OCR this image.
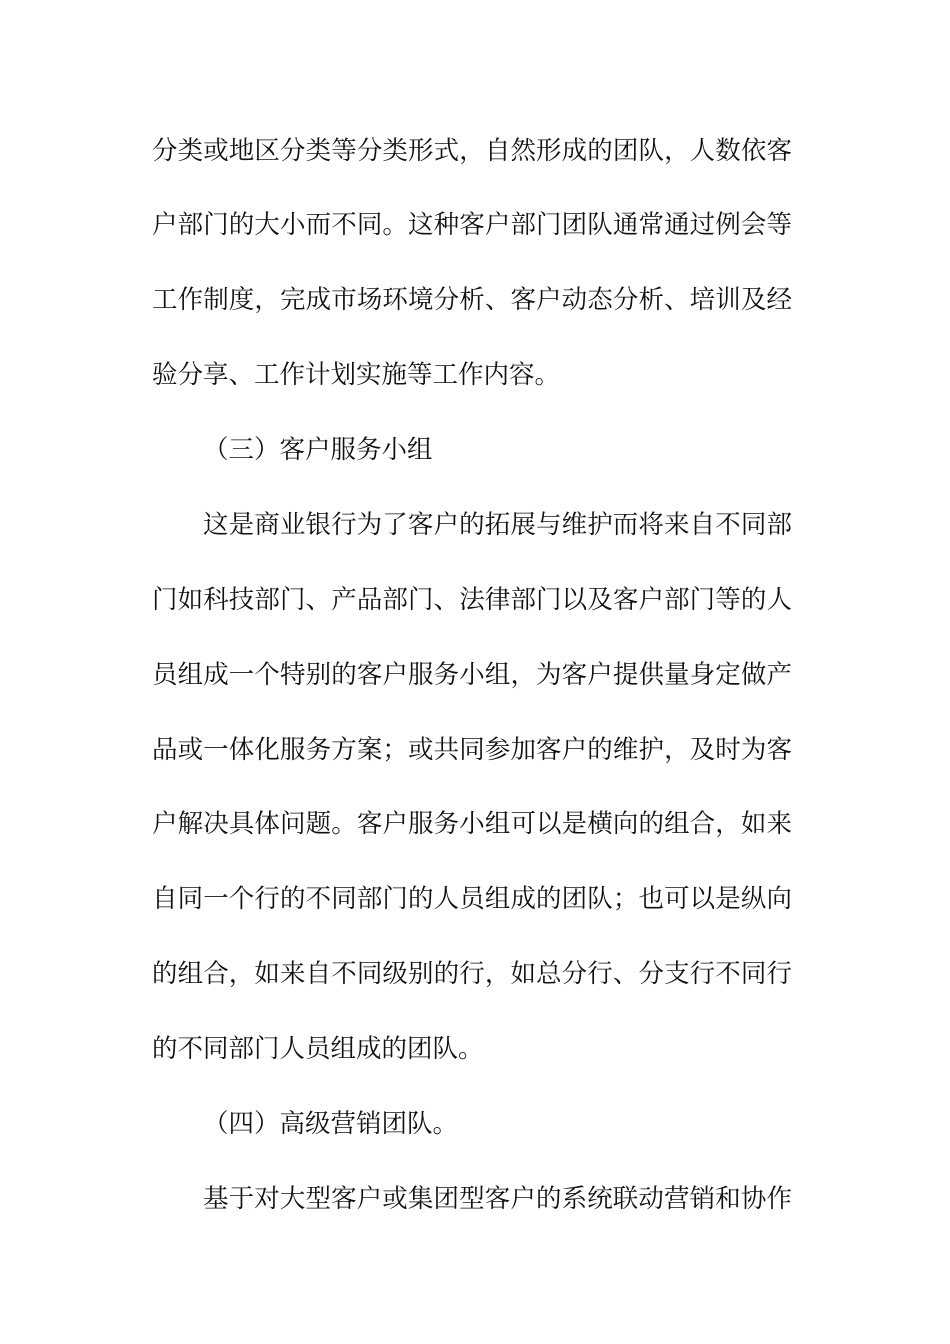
分类或地区分类等分类形式，自然形成的团队，人数依客
户部门的大小而不同。这种客户部门团队通常通过例会等
工作制度，完成市场环境分析、客户动态分析、培训及经
验分享、工作计划实施等工作内容。
（三）客户服务小组
这是商业银行为了客户的拓展与维护而将来自不同部
门如科技部门、产品部门、法律部门以及客户部门等的人
员组成一个特别的客户服务小组，为客户提供量身定做产
品或一体化服务方案；或共同参加客户的维护，及时为客
户解决具体问题。客户服务小组可以是横向的组合，如来
自同一个行的不同部门的人员组成的团队；也可以是纵向
的组合，如来自不同级别的行，如总分行、分支行不同行
的不同部门人员组成的团队。
（四）高级营销团队。
基于对大型客户或集团型客户的系统联动营销和协作
